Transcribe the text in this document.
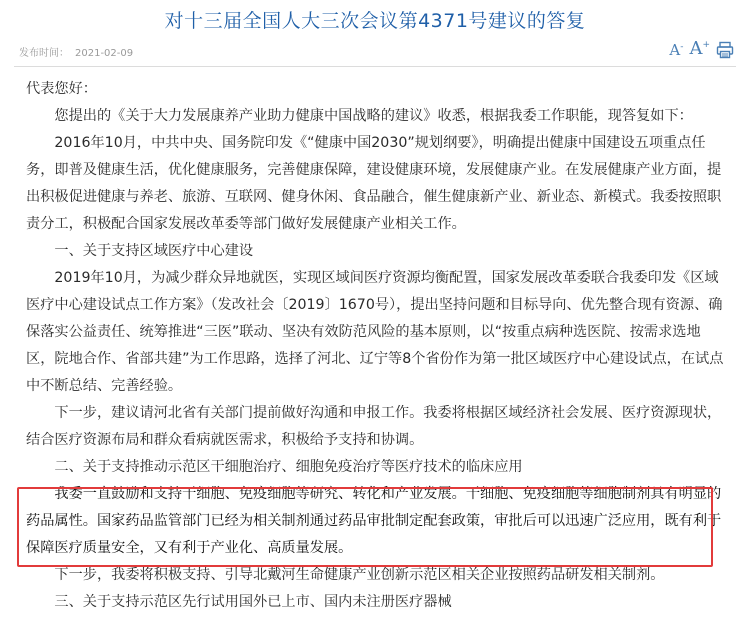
对十三届全国人大三次会议第4371号建议的答复
发布时间： 2021-02-09	A- A+

代表您好：

您提出的《关于大力发展康养产业助力健康中国战略的建议》收悉，根据我委工作职能，现答复如下：

2016年10月，中共中央、国务院印发《“健康中国2030”规划纲要》，明确提出健康中国建设五项重点任务，即普及健康生活，优化健康服务，完善健康保障，建设健康环境，发展健康产业。在发展健康产业方面，提出积极促进健康与养老、旅游、互联网、健身休闲、食品融合，催生健康新产业、新业态、新模式。我委按照职责分工，积极配合国家发展改革委等部门做好发展健康产业相关工作。

一、关于支持区域医疗中心建设

2019年10月，为减少群众异地就医，实现区域间医疗资源均衡配置，国家发展改革委联合我委印发《区域医疗中心建设试点工作方案》（发改社会〔2019〕1670号），提出坚持问题和目标导向、优先整合现有资源、确保落实公益责任、统筹推进“三医”联动、坚决有效防范风险的基本原则，以“按重点病种选医院、按需求选地区，院地合作、省部共建”为工作思路，选择了河北、辽宁等8个省份作为第一批区域医疗中心建设试点，在试点中不断总结、完善经验。

下一步，建议请河北省有关部门提前做好沟通和申报工作。我委将根据区域经济社会发展、医疗资源现状，结合医疗资源布局和群众看病就医需求，积极给予支持和协调。

二、关于支持推动示范区干细胞治疗、细胞免疫治疗等医疗技术的临床应用

我委一直鼓励和支持干细胞、免疫细胞等研究、转化和产业发展。干细胞、免疫细胞等细胞制剂具有明显的药品属性。国家药品监管部门已经为相关制剂通过药品审批制定配套政策，审批后可以迅速广泛应用，既有利于保障医疗质量安全，又有利于产业化、高质量发展。

下一步，我委将积极支持、引导北戴河生命健康产业创新示范区相关企业按照药品研发相关制剂。

三、关于支持示范区先行试用国外已上市、国内未注册医疗器械
